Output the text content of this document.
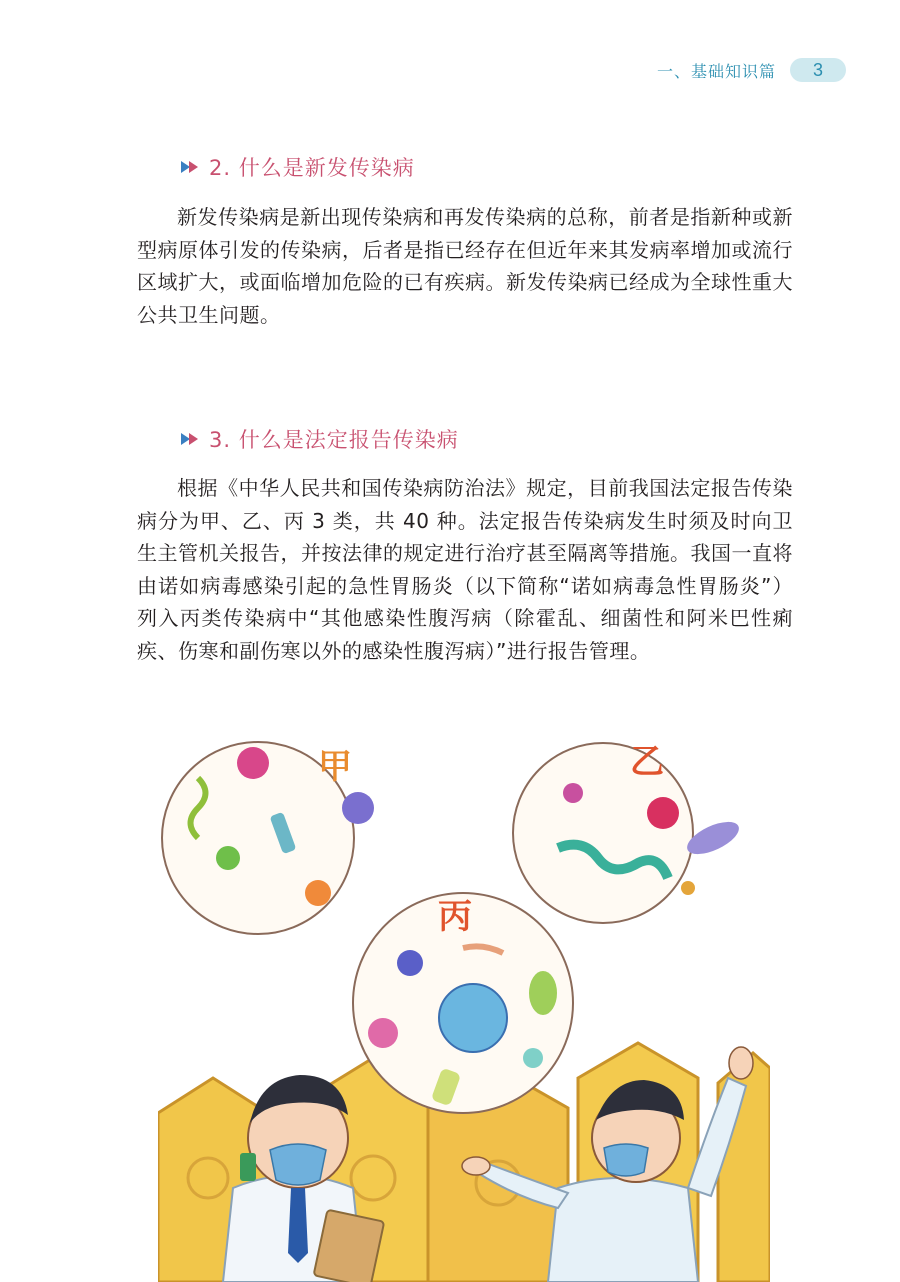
一、基础知识篇	3
2. 什么是新发传染病

新发传染病是新出现传染病和再发传染病的总称，前者是指新种或新型病原体引发的传染病，后者是指已经存在但近年来其发病率增加或流行区域扩大，或面临增加危险的已有疾病。新发传染病已经成为全球性重大公共卫生问题。

3. 什么是法定报告传染病

根据《中华人民共和国传染病防治法》规定，目前我国法定报告传染病分为甲、乙、丙 3 类，共 40 种。法定报告传染病发生时须及时向卫生主管机关报告，并按法律的规定进行治疗甚至隔离等措施。我国一直将由诺如病毒感染引起的急性胃肠炎（以下简称“诺如病毒急性胃肠炎”）列入丙类传染病中“其他感染性腹泻病（除霍乱、细菌性和阿米巴性痢疾、伤寒和副伤寒以外的感染性腹泻病）”进行报告管理。

甲	乙
丙
